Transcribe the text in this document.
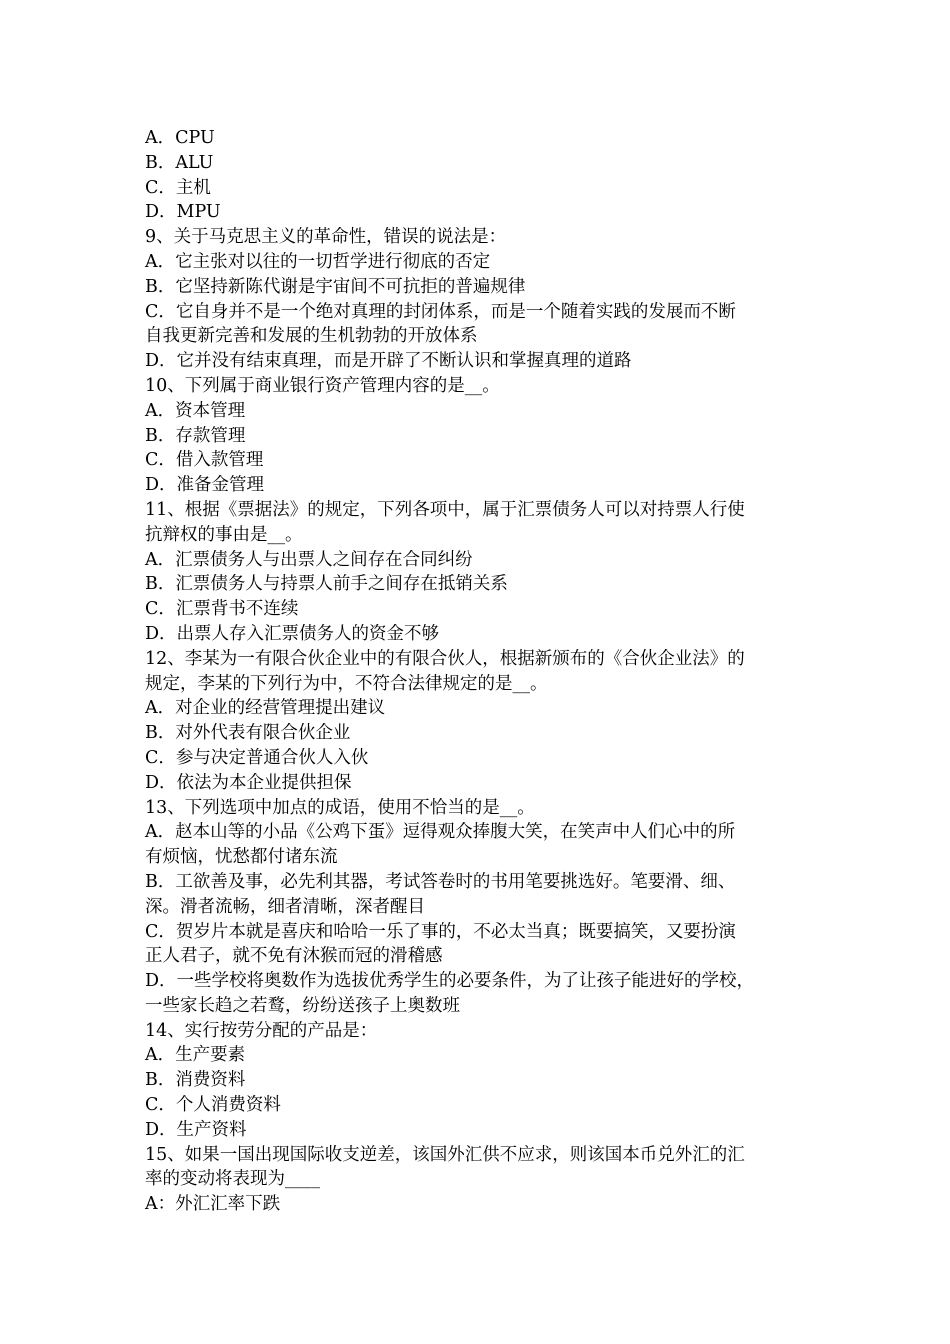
A．CPU
B．ALU
C．主机
D．MPU
9、关于马克思主义的革命性，错误的说法是：
A．它主张对以往的一切哲学进行彻底的否定
B．它坚持新陈代谢是宇宙间不可抗拒的普遍规律
C．它自身并不是一个绝对真理的封闭体系，而是一个随着实践的发展而不断
自我更新完善和发展的生机勃勃的开放体系
D．它并没有结束真理，而是开辟了不断认识和掌握真理的道路
10、下列属于商业银行资产管理内容的是__。
A．资本管理
B．存款管理
C．借入款管理
D．准备金管理
11、根据《票据法》的规定，下列各项中，属于汇票债务人可以对持票人行使
抗辩权的事由是__。
A．汇票债务人与出票人之间存在合同纠纷
B．汇票债务人与持票人前手之间存在抵销关系
C．汇票背书不连续
D．出票人存入汇票债务人的资金不够
12、李某为一有限合伙企业中的有限合伙人，根据新颁布的《合伙企业法》的
规定，李某的下列行为中，不符合法律规定的是__。
A．对企业的经营管理提出建议
B．对外代表有限合伙企业
C．参与决定普通合伙人入伙
D．依法为本企业提供担保
13、下列选项中加点的成语，使用不恰当的是__。
A．赵本山等的小品《公鸡下蛋》逗得观众捧腹大笑，在笑声中人们心中的所
有烦恼，忧愁都付诸东流
B．工欲善及事，必先利其器，考试答卷时的书用笔要挑选好。笔要滑、细、
深。滑者流畅，细者清晰，深者醒目
C．贺岁片本就是喜庆和哈哈一乐了事的，不必太当真；既要搞笑，又要扮演
正人君子，就不免有沐猴而冠的滑稽感
D．一些学校将奥数作为选拔优秀学生的必要条件，为了让孩子能进好的学校，
一些家长趋之若鹜，纷纷送孩子上奥数班
14、实行按劳分配的产品是：
A．生产要素
B．消费资料
C．个人消费资料
D．生产资料
15、如果一国出现国际收支逆差，该国外汇供不应求，则该国本币兑外汇的汇
率的变动将表现为____
A：外汇汇率下跌
